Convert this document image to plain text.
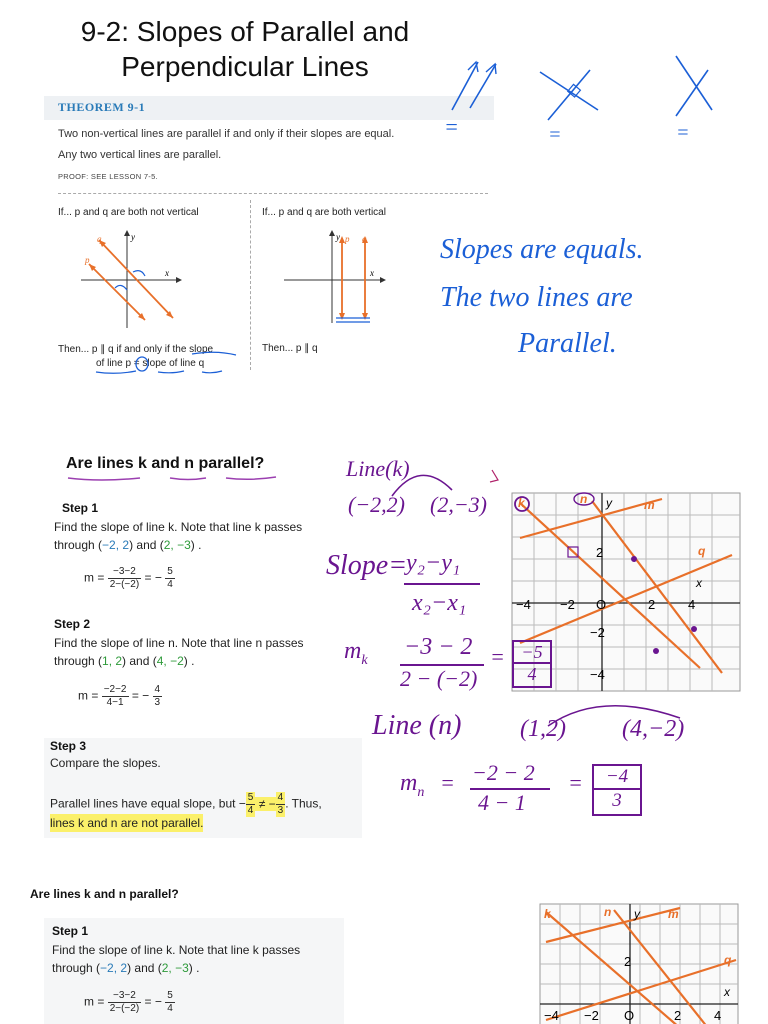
9-2: Slopes of Parallel and
Perpendicular Lines
THEOREM 9-1
Two non-vertical lines are parallel if and only if their slopes are equal.
Any two vertical lines are parallel.
PROOF: SEE LESSON 7-5.
If... p and q are both not vertical	If... p and q are both vertical
q
p
y
x
p q
y
x
Then... p ∥ q if and only if the slope
of line p = slope of line q
Then... p ∥ q
=	=	=
Slopes are equals.
The two lines are
Parallel.
Are lines k and n parallel?
Step 1
Find the slope of line k. Note that line k passes
through (−2, 2) and (2, −3) .
$m = \frac{-3-2}{2-(-2)}$ = − $\frac{5}{4}$
Step 2
Find the slope of line n. Note that line n passes
through (1, 2) and (4, −2) .
$m = \frac{-2-2}{4-1}$ = − $\frac{4}{3}$
Step 3
Compare the slopes.
Parallel lines have equal slope, but − $\frac{5}{4}$ ≠ − $\frac{4}{3}$ . Thus,
lines k and n are not parallel.
k	n y	m
q
x
−4 −2 O	2	4
2
−2
−4
Line(k)
(−2,2) (2,−3)
Slope=
y₂−y₁
x₂−x₁
$m_k$
−3 − 2
2 − (−2)
= −5
4
Line (n) (1,2) (4,−2)
$m_n = -2 - 2$
4 − 1
=	−4
3
Are lines k and n parallel?
Step 1
Find the slope of line k. Note that line k passes
through (−2, 2) and (2, −3) .
$m = \frac{-3-2}{2-(-2)}$ = − $\frac{5}{4}$
k	n y m
q
x
2
−4 −2 O	2	4
